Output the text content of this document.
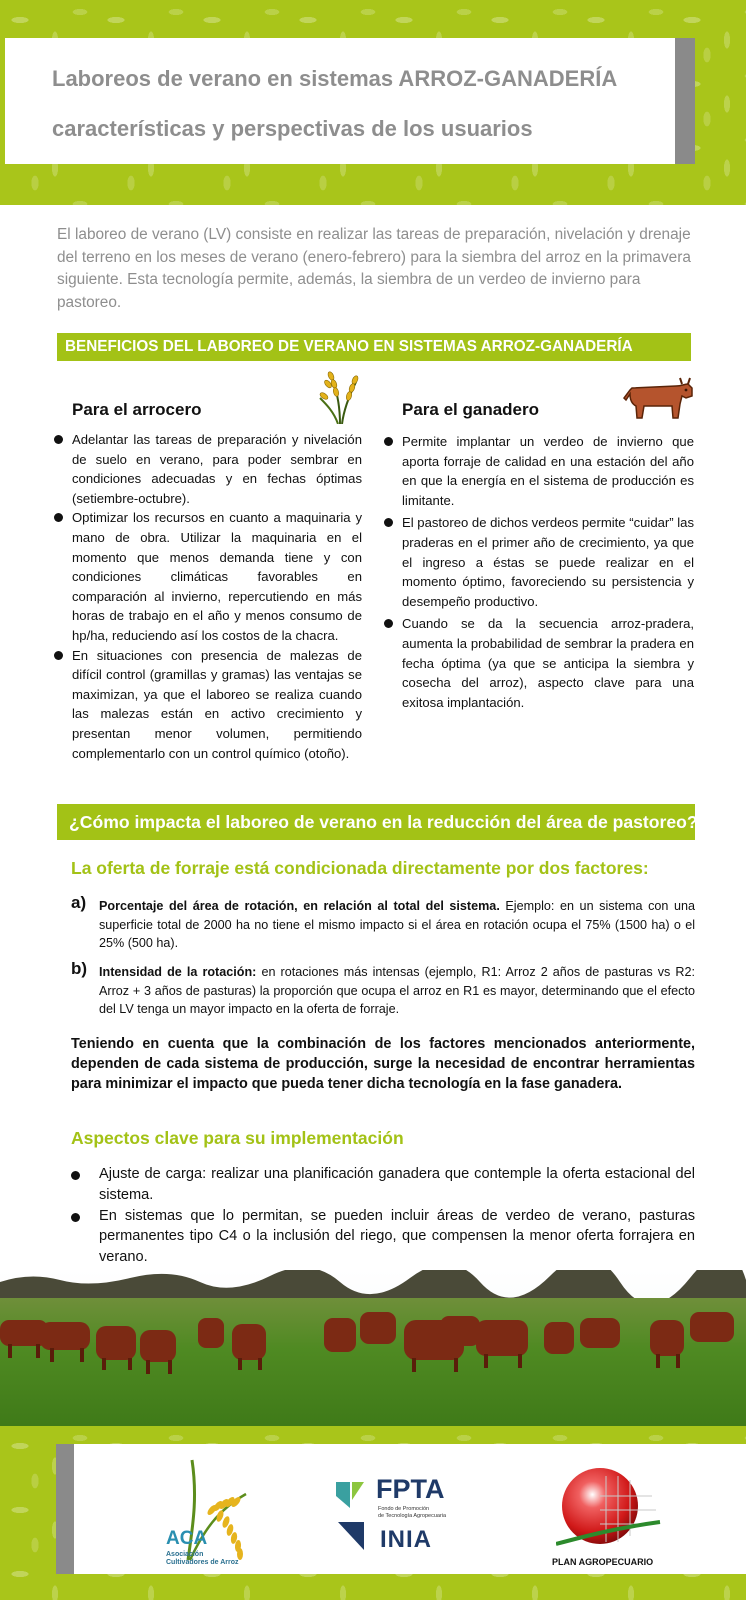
Laboreos de verano en sistemas ARROZ-GANADERÍA
características y perspectivas de los usuarios

El laboreo de verano (LV) consiste en realizar las tareas de preparación, nivelación y drenaje del terreno en los meses de verano (enero-febrero) para la siembra del arroz en la primavera siguiente. Esta tecnología permite, además, la siembra de un verdeo de invierno para pastoreo.

BENEFICIOS DEL LABOREO DE VERANO EN SISTEMAS ARROZ-GANADERÍA
Para el arrocero
Adelantar las tareas de preparación y nivelación de suelo en verano, para poder sembrar en condiciones adecuadas y en fechas óptimas (setiembre-octubre).
Optimizar los recursos en cuanto a maquinaria y mano de obra. Utilizar la maquinaria en el momento que menos demanda tiene y con condiciones climáticas favorables en comparación al invierno, repercutiendo en más horas de trabajo en el año y menos consumo de hp/ha, reduciendo así los costos de la chacra.
En situaciones con presencia de malezas de difícil control (gramillas y gramas) las ventajas se maximizan, ya que el laboreo se realiza cuando las malezas están en activo crecimiento y presentan menor volumen, permitiendo complementarlo con un control químico (otoño).
Para el ganadero
Permite implantar un verdeo de invierno que aporta forraje de calidad en una estación del año en que la energía en el sistema de producción es limitante.
El pastoreo de dichos verdeos permite “cuidar” las praderas en el primer año de crecimiento, ya que el ingreso a éstas se puede realizar en el momento óptimo, favoreciendo su persistencia y desempeño productivo.
Cuando se da la secuencia arroz-pradera, aumenta la probabilidad de sembrar la pradera en fecha óptima (ya que se anticipa la siembra y cosecha del arroz), aspecto clave para una exitosa implantación.
¿Cómo impacta el laboreo de verano en la reducción del área de pastoreo?
La oferta de forraje está condicionada directamente por dos factores:
a) Porcentaje del área de rotación, en relación al total del sistema. Ejemplo: en un sistema con una superficie total de 2000 ha no tiene el mismo impacto si el área en rotación ocupa el 75% (1500 ha) o el 25% (500 ha).
b) Intensidad de la rotación: en rotaciones más intensas (ejemplo, R1: Arroz 2 años de pasturas vs R2: Arroz + 3 años de pasturas) la proporción que ocupa el arroz en R1 es mayor, determinando que el efecto del LV tenga un mayor impacto en la oferta de forraje.

Teniendo en cuenta que la combinación de los factores mencionados anteriormente, dependen de cada sistema de producción, surge la necesidad de encontrar herramientas para minimizar el impacto que pueda tener dicha tecnología en la fase ganadera.

Aspectos clave para su implementación
Ajuste de carga: realizar una planificación ganadera que contemple la oferta estacional del sistema.
En sistemas que lo permitan, se pueden incluir áreas de verdeo de verano, pasturas permanentes tipo C4 o la inclusión del riego, que compensen la menor oferta forrajera en verano.
ACA
Asociación
Cultivadores de Arroz
FPTA
Fondo de Promoción
de Tecnología Agropecuaria
INIA
PLAN AGROPECUARIO
